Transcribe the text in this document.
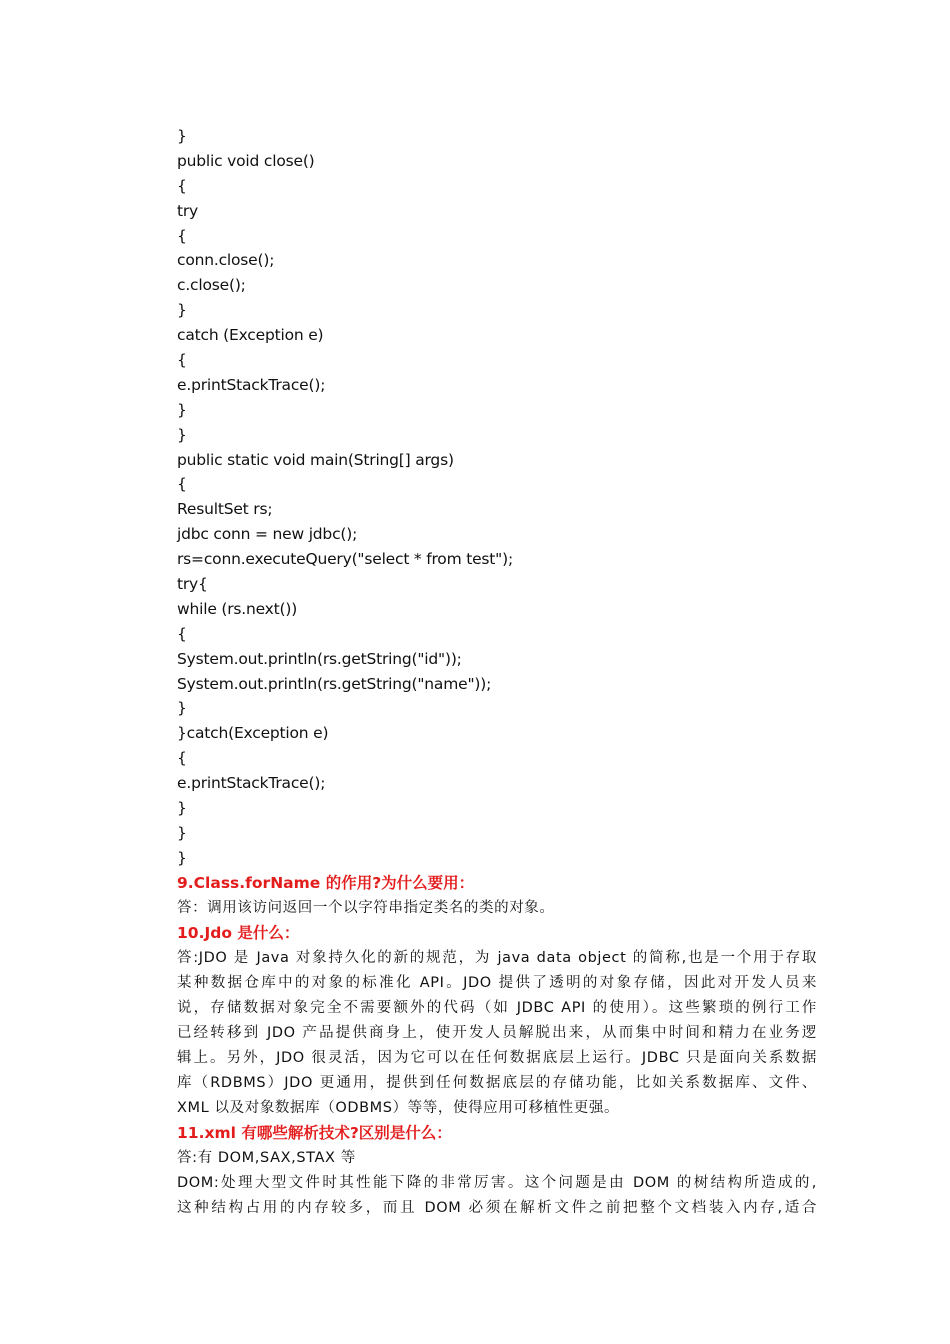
}
public void close()
{
try
{
conn.close();
c.close();
}
catch (Exception e)
{
e.printStackTrace();
}
}
public static void main(String[] args)
{
ResultSet rs;
jdbc conn = new jdbc();
rs=conn.executeQuery("select * from test");
try{
while (rs.next())
{
System.out.println(rs.getString("id"));
System.out.println(rs.getString("name"));
}
}catch(Exception e)
{
e.printStackTrace();
}
}
}
9.Class.forName 的作用?为什么要用：
答：调用该访问返回一个以字符串指定类名的类的对象。
10.Jdo 是什么：
答:JDO 是 Java 对象持久化的新的规范，为 java data object 的简称,也是一个用于存取
某种数据仓库中的对象的标准化 API。JDO 提供了透明的对象存储，因此对开发人员来
说，存储数据对象完全不需要额外的代码（如 JDBC API 的使用）。这些繁琐的例行工作
已经转移到 JDO 产品提供商身上，使开发人员解脱出来，从而集中时间和精力在业务逻
辑上。另外，JDO 很灵活，因为它可以在任何数据底层上运行。JDBC 只是面向关系数据
库（RDBMS）JDO 更通用，提供到任何数据底层的存储功能，比如关系数据库、文件、
XML 以及对象数据库（ODBMS）等等，使得应用可移植性更强。
11.xml 有哪些解析技术?区别是什么：
答:有 DOM,SAX,STAX 等
DOM:处理大型文件时其性能下降的非常厉害。这个问题是由 DOM 的树结构所造成的,
这种结构占用的内存较多，而且 DOM 必须在解析文件之前把整个文档装入内存,适合
